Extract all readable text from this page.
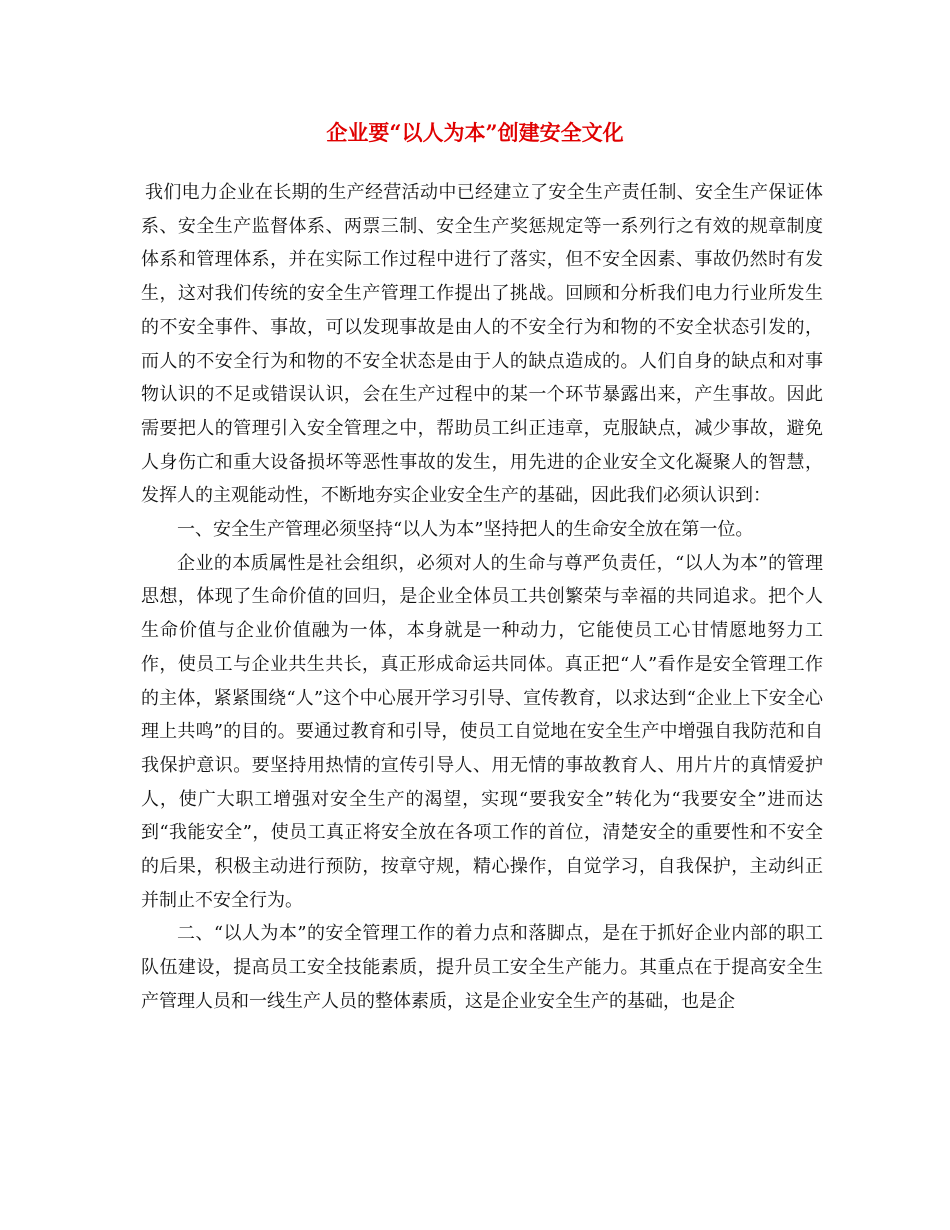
企业要“以人为本”创建安全文化

我们电力企业在长期的生产经营活动中已经建立了安全生产责任制、安全生产保证体系、安全生产监督体系、两票三制、安全生产奖惩规定等一系列行之有效的规章制度体系和管理体系，并在实际工作过程中进行了落实，但不安全因素、事故仍然时有发生，这对我们传统的安全生产管理工作提出了挑战。回顾和分析我们电力行业所发生的不安全事件、事故，可以发现事故是由人的不安全行为和物的不安全状态引发的，而人的不安全行为和物的不安全状态是由于人的缺点造成的。人们自身的缺点和对事物认识的不足或错误认识，会在生产过程中的某一个环节暴露出来，产生事故。因此需要把人的管理引入安全管理之中，帮助员工纠正违章，克服缺点，减少事故，避免人身伤亡和重大设备损坏等恶性事故的发生，用先进的企业安全文化凝聚人的智慧，发挥人的主观能动性，不断地夯实企业安全生产的基础，因此我们必须认识到：

一、安全生产管理必须坚持“以人为本”坚持把人的生命安全放在第一位。

企业的本质属性是社会组织，必须对人的生命与尊严负责任，“以人为本”的管理思想，体现了生命价值的回归，是企业全体员工共创繁荣与幸福的共同追求。把个人生命价值与企业价值融为一体，本身就是一种动力，它能使员工心甘情愿地努力工作，使员工与企业共生共长，真正形成命运共同体。真正把“人”看作是安全管理工作的主体，紧紧围绕“人”这个中心展开学习引导、宣传教育，以求达到“企业上下安全心理上共鸣”的目的。要通过教育和引导，使员工自觉地在安全生产中增强自我防范和自我保护意识。要坚持用热情的宣传引导人、用无情的事故教育人、用片片的真情爱护人，使广大职工增强对安全生产的渴望，实现“要我安全”转化为“我要安全”进而达到“我能安全”，使员工真正将安全放在各项工作的首位，清楚安全的重要性和不安全的后果，积极主动进行预防，按章守规，精心操作，自觉学习，自我保护，主动纠正并制止不安全行为。

二、“以人为本”的安全管理工作的着力点和落脚点，是在于抓好企业内部的职工队伍建设，提高员工安全技能素质，提升员工安全生产能力。其重点在于提高安全生产管理人员和一线生产人员的整体素质，这是企业安全生产的基础，也是企
